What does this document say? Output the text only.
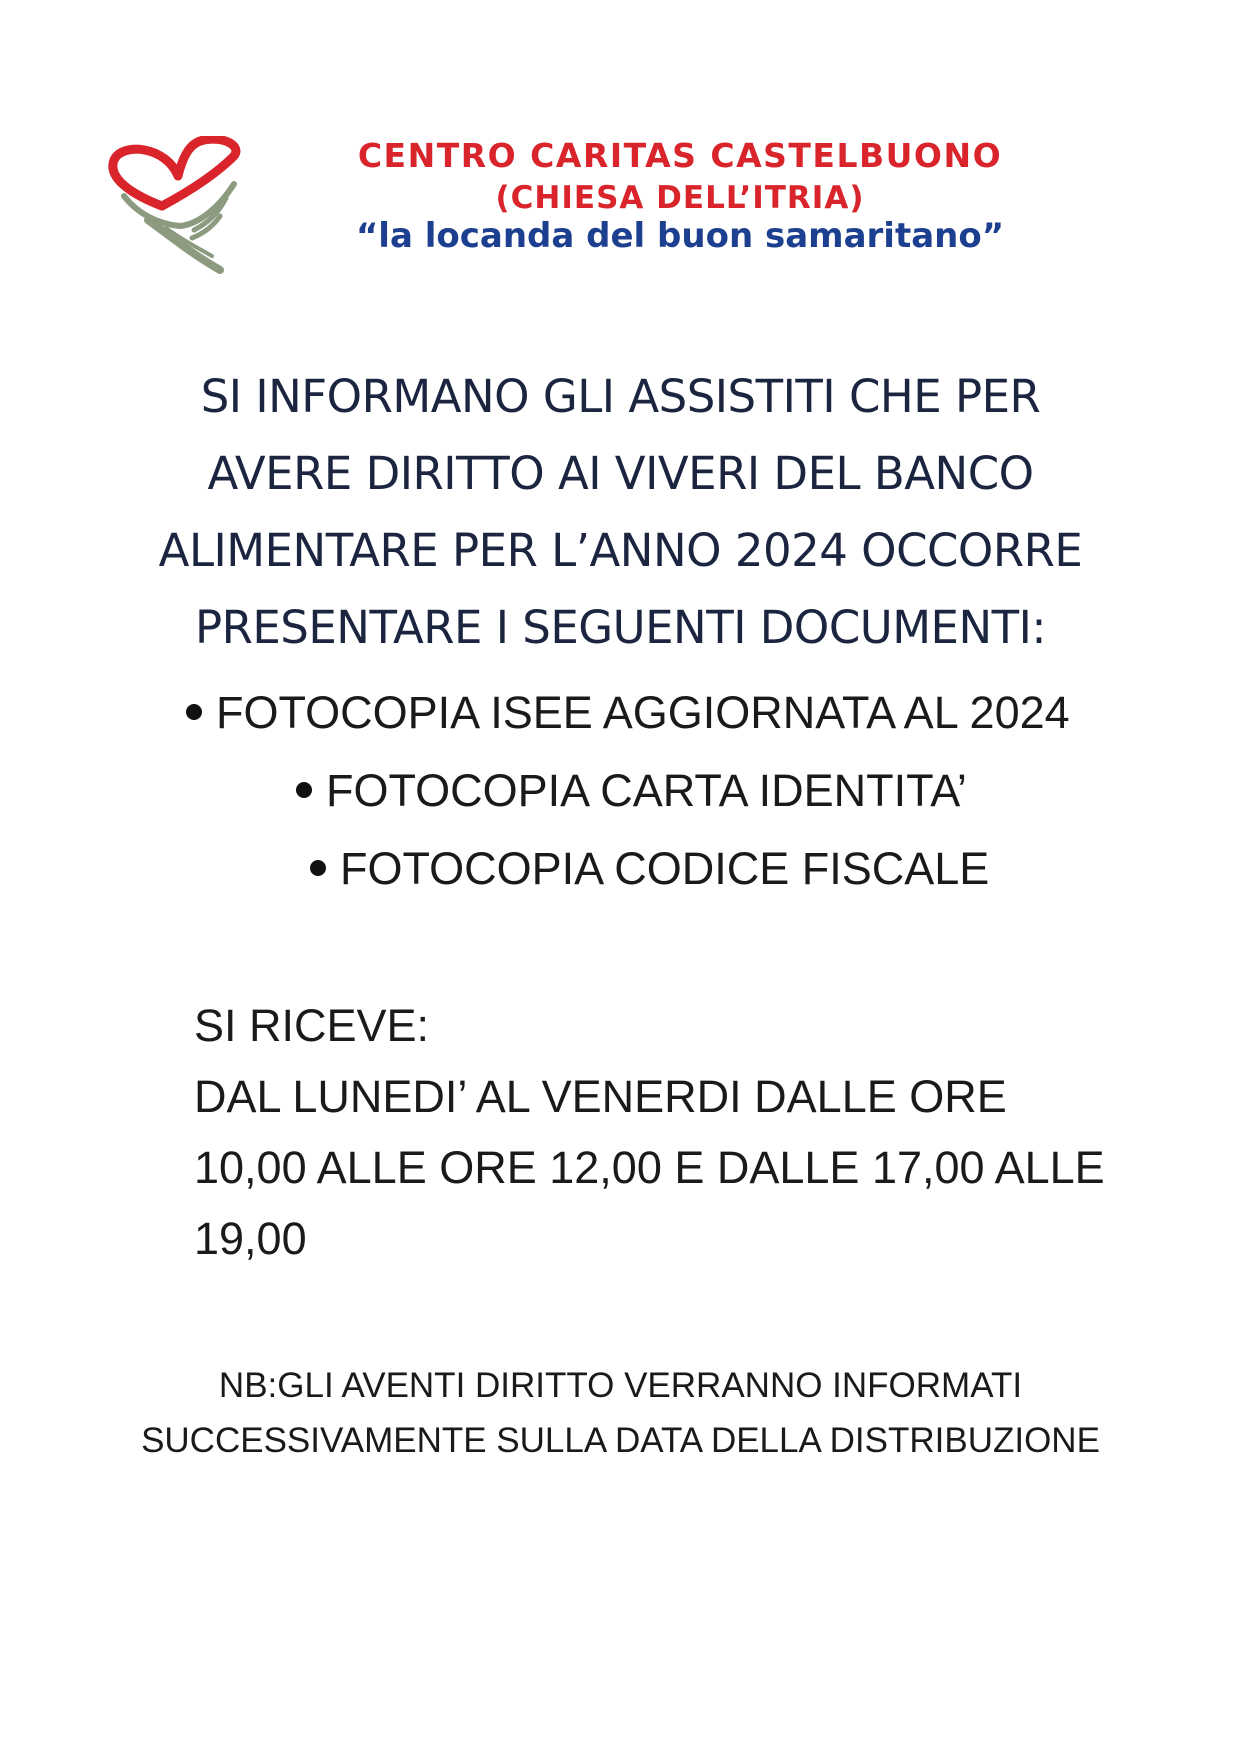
CENTRO CARITAS CASTELBUONO
(CHIESA DELL’ITRIA)
“la locanda del buon samaritano”
SI INFORMANO GLI ASSISTITI CHE PER
AVERE DIRITTO AI VIVERI DEL BANCO
ALIMENTARE PER L’ANNO 2024 OCCORRE
PRESENTARE I SEGUENTI DOCUMENTI:
FOTOCOPIA ISEE AGGIORNATA AL 2024
FOTOCOPIA CARTA IDENTITA’
FOTOCOPIA CODICE FISCALE
SI RICEVE:
DAL LUNEDI’ AL VENERDI DALLE ORE
10,00 ALLE ORE 12,00 E DALLE 17,00 ALLE
19,00
NB:GLI AVENTI DIRITTO VERRANNO INFORMATI
SUCCESSIVAMENTE SULLA DATA DELLA DISTRIBUZIONE
